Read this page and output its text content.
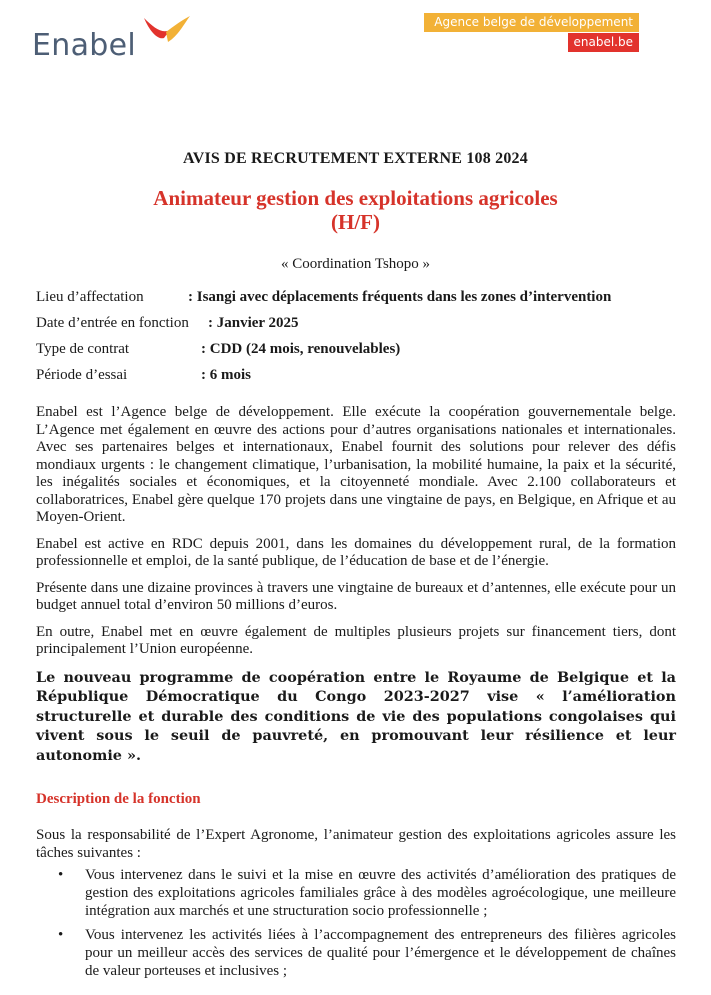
Enabel
Agence belge de développement
enabel.be
AVIS DE RECRUTEMENT EXTERNE 108 2024
Animateur gestion des exploitations agricoles
(H/F)
« Coordination Tshopo »
Lieu d’affectation	: Isangi avec déplacements fréquents dans les zones d’intervention
Date d’entrée en fonction : Janvier 2025
Type de contrat	: CDD (24 mois, renouvelables)
Période d’essai	: 6 mois

Enabel est l’Agence belge de développement. Elle exécute la coopération gouvernementale belge. L’Agence met également en œuvre des actions pour d’autres organisations nationales et internationales. Avec ses partenaires belges et internationaux, Enabel fournit des solutions pour relever des défis mondiaux urgents : le changement climatique, l’urbanisation, la mobilité humaine, la paix et la sécurité, les inégalités sociales et économiques, et la citoyenneté mondiale. Avec 2.100 collaborateurs et collaboratrices, Enabel gère quelque 170 projets dans une vingtaine de pays, en Belgique, en Afrique et au Moyen-Orient.

Enabel est active en RDC depuis 2001, dans les domaines du développement rural, de la formation professionnelle et emploi, de la santé publique, de l’éducation de base et de l’énergie.

Présente dans une dizaine provinces à travers une vingtaine de bureaux et d’antennes, elle exécute pour un budget annuel total d’environ 50 millions d’euros.

En outre, Enabel met en œuvre également de multiples plusieurs projets sur financement tiers, dont principalement l’Union européenne.

Le nouveau programme de coopération entre le Royaume de Belgique et la République Démocratique du Congo 2023-2027 vise « l’amélioration structurelle et durable des conditions de vie des populations congolaises qui vivent sous le seuil de pauvreté, en promouvant leur résilience et leur autonomie ».

Description de la fonction

Sous la responsabilité de l’Expert Agronome, l’animateur gestion des exploitations agricoles assure les tâches suivantes :

• Vous intervenez dans le suivi et la mise en œuvre des activités d’amélioration des pratiques de gestion des exploitations agricoles familiales grâce à des modèles agroécologique, une meilleure intégration aux marchés et une structuration socio professionnelle ;
• Vous intervenez les activités liées à l’accompagnement des entrepreneurs des filières agricoles pour un meilleur accès des services de qualité pour l’émergence et le développement de chaînes de valeur porteuses et inclusives ;
